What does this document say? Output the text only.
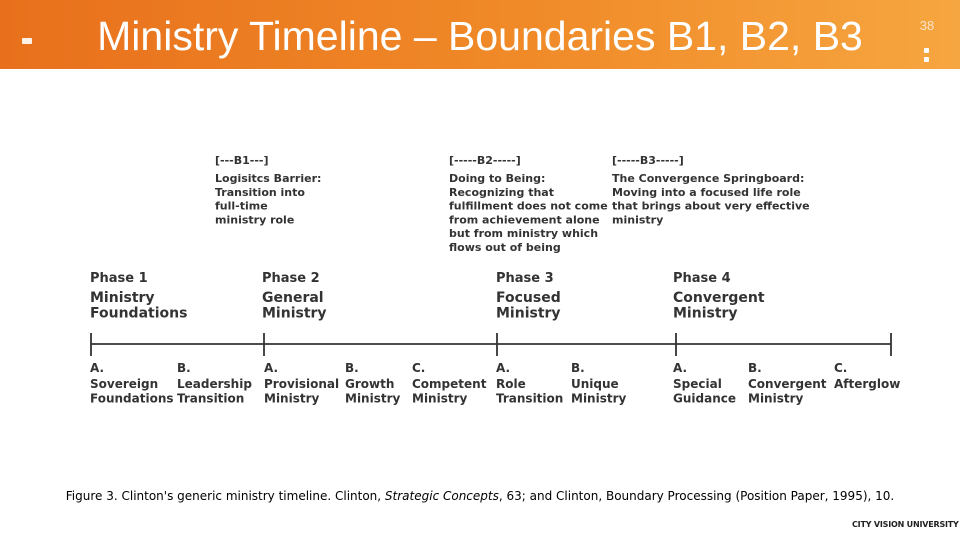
Ministry Timeline – Boundaries B1, B2, B3	38
[---B1---]
Logisitcs Barrier:
Transition into
full-time
ministry role
[-----B2-----]
Doing to Being:
Recognizing that
fulfillment does not come
from achievement alone
but from ministry which
flows out of being
[-----B3-----]
The Convergence Springboard:
Moving into a focused life role
that brings about very effective
ministry
Phase 1
Ministry
Foundations
Phase 2
General
Ministry
Phase 3
Focused
Ministry
Phase 4
Convergent
Ministry
A.
Sovereign
Foundations
B.
Leadership
Transition
A.
Provisional
Ministry
B.
Growth
Ministry
C.
Competent
Ministry
A.
Role
Transition
B.
Unique
Ministry
A.
Special
Guidance
B.
Convergent
Ministry
C.
Afterglow

Figure 3. Clinton's generic ministry timeline. Clinton, Strategic Concepts, 63; and Clinton, Boundary Processing (Position Paper, 1995), 10.

CITY VISION UNIVERSITY
